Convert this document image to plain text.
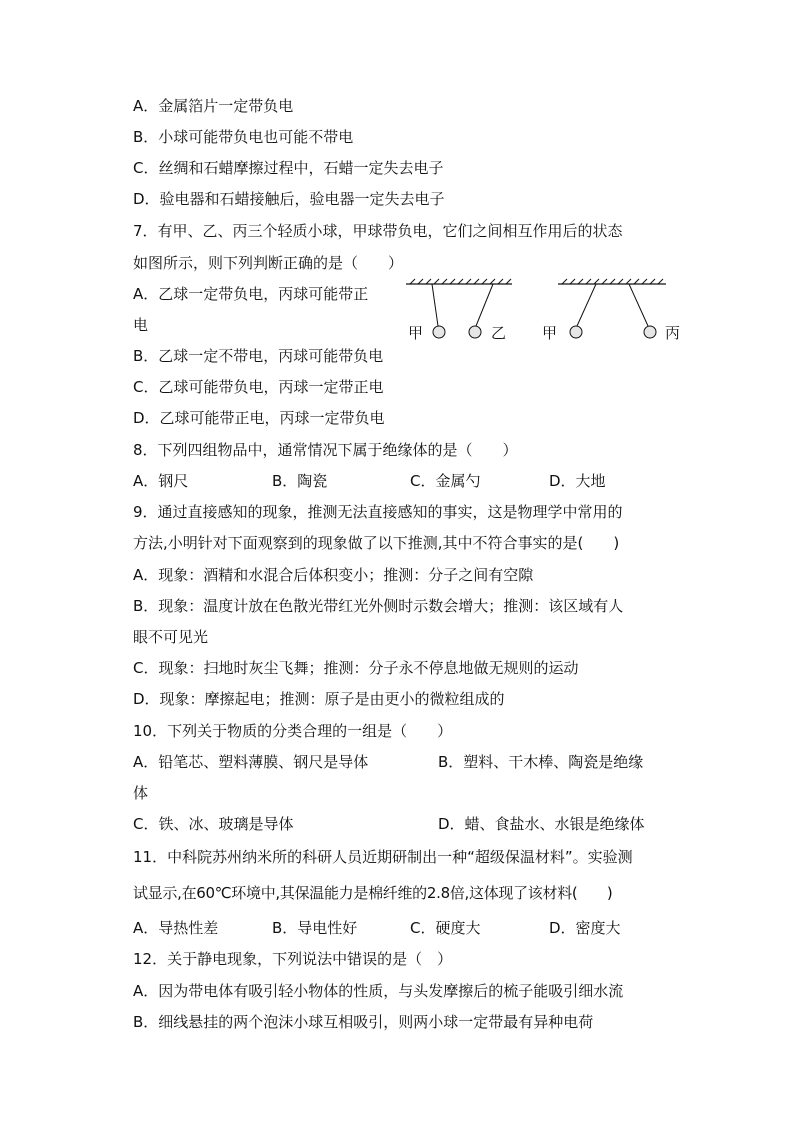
A．金属箔片一定带负电
B．小球可能带负电也可能不带电
C．丝绸和石蜡摩擦过程中，石蜡一定失去电子
D．验电器和石蜡接触后，验电器一定失去电子
7．有甲、乙、丙三个轻质小球，甲球带负电，它们之间相互作用后的状态
如图所示，则下列判断正确的是（　　）
A．乙球一定带负电，丙球可能带正
电
B．乙球一定不带电，丙球可能带负电
C．乙球可能带负电，丙球一定带正电
D．乙球可能带正电，丙球一定带负电
甲	乙 甲	丙
8．下列四组物品中，通常情况下属于绝缘体的是（　　）
A．钢尺	B．陶瓷	C．金属勺	D．大地
9．通过直接感知的现象，推测无法直接感知的事实，这是物理学中常用的
方法,小明针对下面观察到的现象做了以下推测,其中不符合事实的是(　　)
A．现象：酒精和水混合后体积变小；推测：分子之间有空隙
B．现象：温度计放在色散光带红光外侧时示数会增大；推测：该区域有人
眼不可见光
C．现象：扫地时灰尘飞舞；推测：分子永不停息地做无规则的运动
D．现象：摩擦起电；推测：原子是由更小的微粒组成的
10．下列关于物质的分类合理的一组是（　　）
A．铅笔芯、塑料薄膜、钢尺是导体	B．塑料、干木棒、陶瓷是绝缘
体
C．铁、冰、玻璃是导体	D．蜡、食盐水、水银是绝缘体
11．中科院苏州纳米所的科研人员近期研制出一种“超级保温材料”。实验测
试显示,在60℃环境中,其保温能力是棉纤维的2.8倍,这体现了该材料(　　)
A．导热性差	B．导电性好	C．硬度大	D．密度大
12．关于静电现象，下列说法中错误的是（　）
A．因为带电体有吸引轻小物体的性质，与头发摩擦后的梳子能吸引细水流
B．细线悬挂的两个泡沫小球互相吸引，则两小球一定带最有异种电荷
